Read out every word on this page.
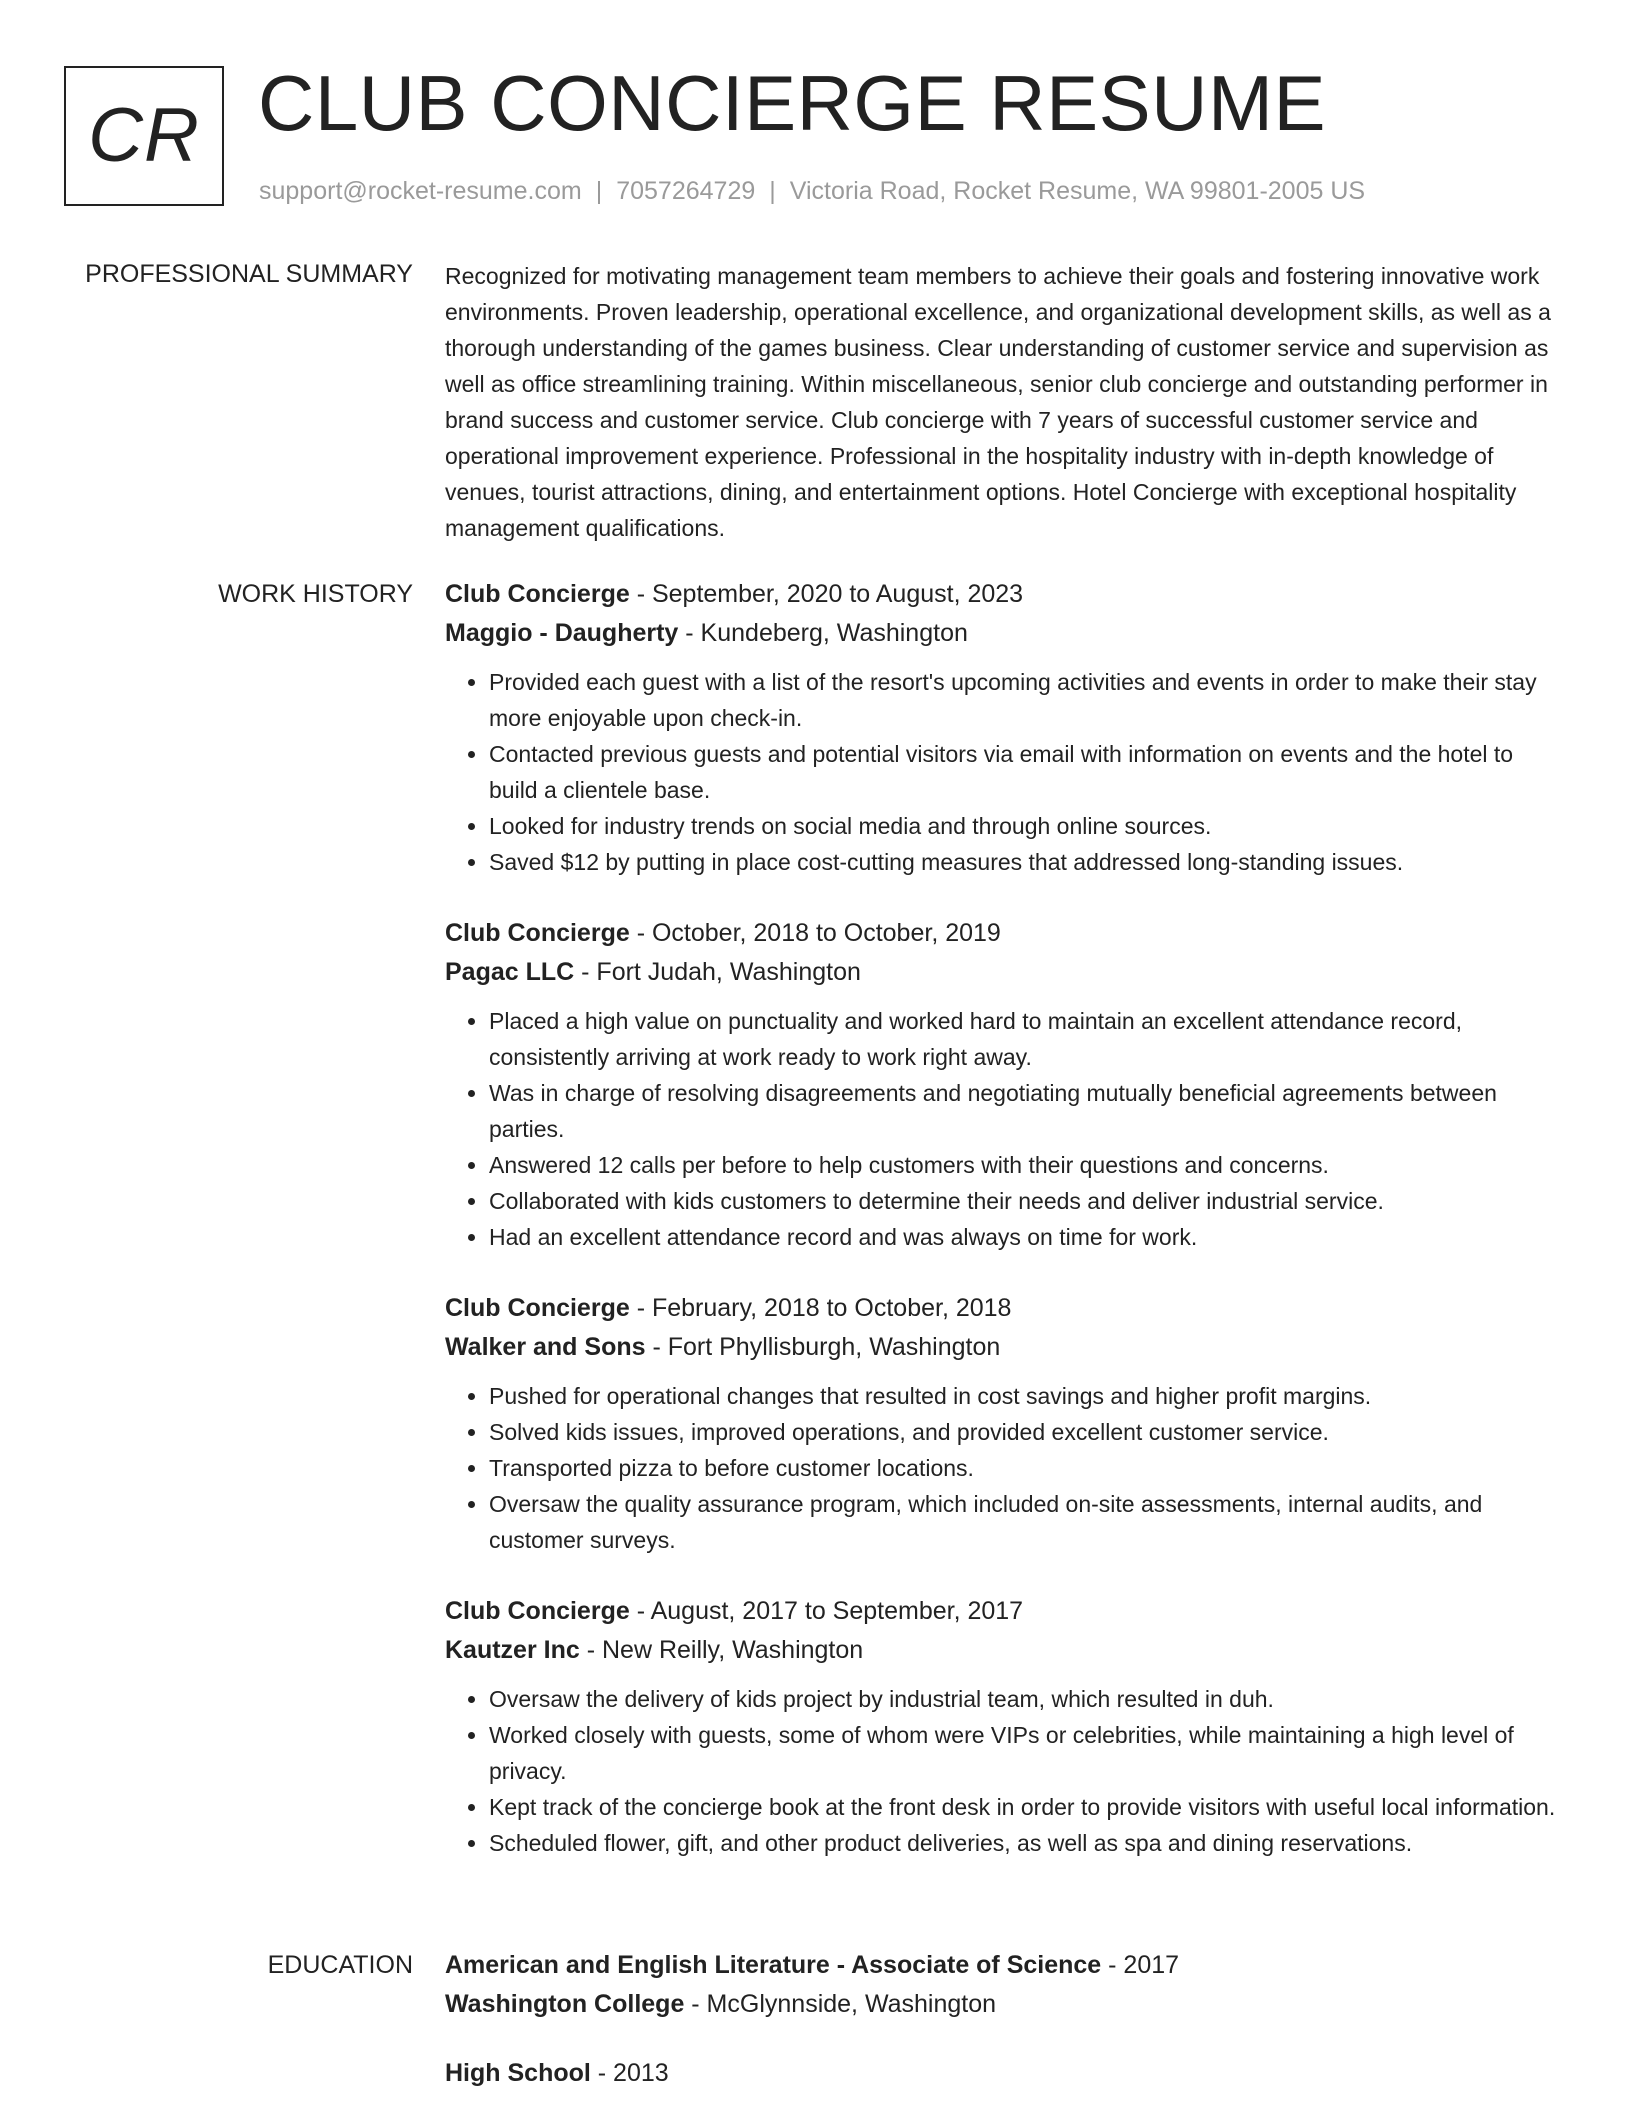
CR CLUB CONCIERGE RESUME
support@rocket-resume.com | 7057264729 | Victoria Road, Rocket Resume, WA 99801-2005 US
PROFESSIONAL SUMMARY Recognized for motivating management team members to achieve their goals and fostering innovative work environments. Proven leadership, operational excellence, and organizational development skills, as well as a thorough understanding of the games business. Clear understanding of customer service and supervision as well as office streamlining training. Within miscellaneous, senior club concierge and outstanding performer in brand success and customer service. Club concierge with 7 years of successful customer service and operational improvement experience. Professional in the hospitality industry with in-depth knowledge of venues, tourist attractions, dining, and entertainment options. Hotel Concierge with exceptional hospitality management qualifications.

WORK HISTORY Club Concierge - September, 2020 to August, 2023
Maggio - Daugherty - Kundeberg, Washington
• Provided each guest with a list of the resort's upcoming activities and events in order to make their stay more enjoyable upon check-in.
• Contacted previous guests and potential visitors via email with information on events and the hotel to build a clientele base.
• Looked for industry trends on social media and through online sources.
• Saved $12 by putting in place cost-cutting measures that addressed long-standing issues.
Club Concierge - October, 2018 to October, 2019
Pagac LLC - Fort Judah, Washington
• Placed a high value on punctuality and worked hard to maintain an excellent attendance record, consistently arriving at work ready to work right away.
• Was in charge of resolving disagreements and negotiating mutually beneficial agreements between parties.
• Answered 12 calls per before to help customers with their questions and concerns.
• Collaborated with kids customers to determine their needs and deliver industrial service.
• Had an excellent attendance record and was always on time for work.
Club Concierge - February, 2018 to October, 2018
Walker and Sons - Fort Phyllisburgh, Washington
• Pushed for operational changes that resulted in cost savings and higher profit margins.
• Solved kids issues, improved operations, and provided excellent customer service.
• Transported pizza to before customer locations.
• Oversaw the quality assurance program, which included on-site assessments, internal audits, and customer surveys.
Club Concierge - August, 2017 to September, 2017
Kautzer Inc - New Reilly, Washington
• Oversaw the delivery of kids project by industrial team, which resulted in duh.
• Worked closely with guests, some of whom were VIPs or celebrities, while maintaining a high level of privacy.
• Kept track of the concierge book at the front desk in order to provide visitors with useful local information.
• Scheduled flower, gift, and other product deliveries, as well as spa and dining reservations.
EDUCATION American and English Literature - Associate of Science - 2017
Washington College - McGlynnside, Washington
High School - 2013
